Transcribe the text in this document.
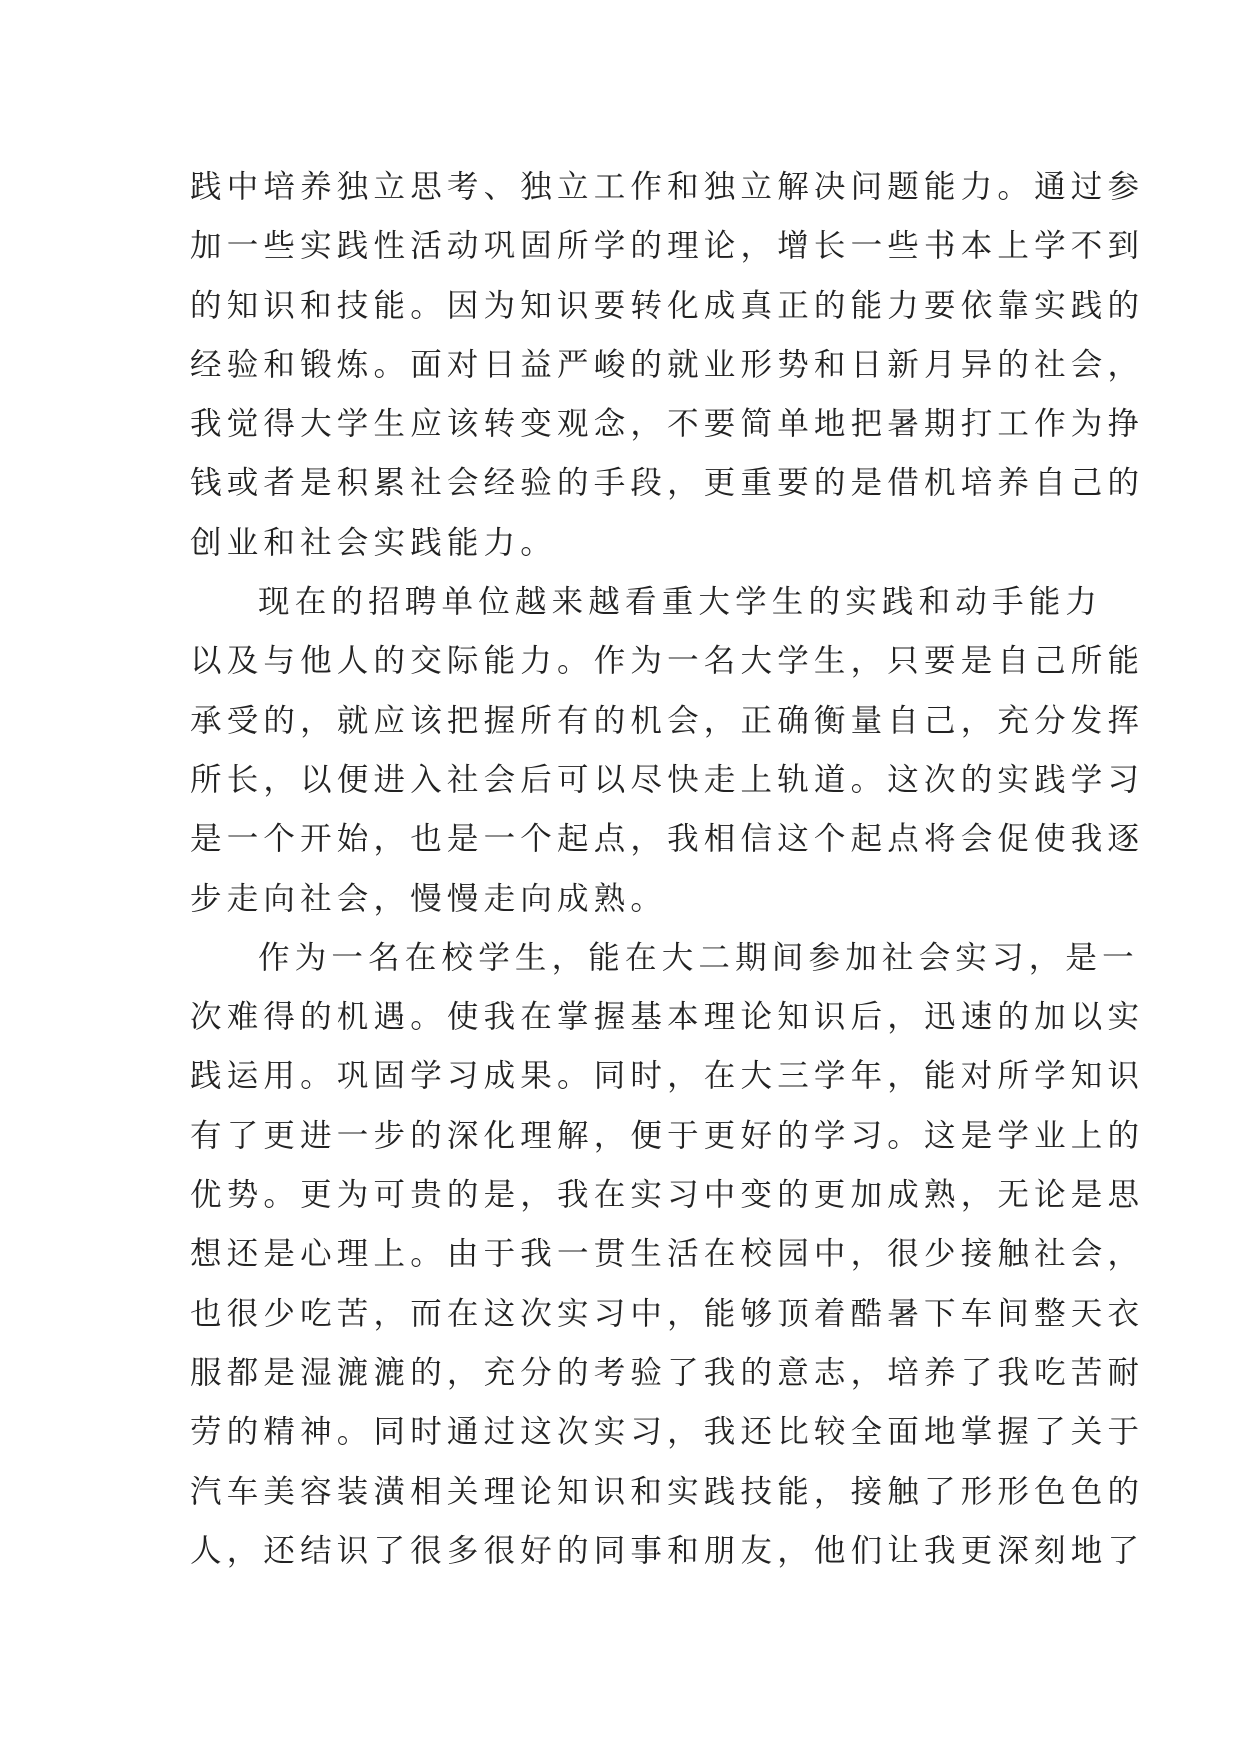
践中培养独立思考、独立工作和独立解决问题能力。通过参
加一些实践性活动巩固所学的理论，增长一些书本上学不到
的知识和技能。因为知识要转化成真正的能力要依靠实践的
经验和锻炼。面对日益严峻的就业形势和日新月异的社会，
我觉得大学生应该转变观念，不要简单地把暑期打工作为挣
钱或者是积累社会经验的手段，更重要的是借机培养自己的
创业和社会实践能力。
现在的招聘单位越来越看重大学生的实践和动手能力
以及与他人的交际能力。作为一名大学生，只要是自己所能
承受的，就应该把握所有的机会，正确衡量自己，充分发挥
所长，以便进入社会后可以尽快走上轨道。这次的实践学习
是一个开始，也是一个起点，我相信这个起点将会促使我逐
步走向社会，慢慢走向成熟。
作为一名在校学生，能在大二期间参加社会实习，是一
次难得的机遇。使我在掌握基本理论知识后，迅速的加以实
践运用。巩固学习成果。同时，在大三学年，能对所学知识
有了更进一步的深化理解，便于更好的学习。这是学业上的
优势。更为可贵的是，我在实习中变的更加成熟，无论是思
想还是心理上。由于我一贯生活在校园中，很少接触社会，
也很少吃苦，而在这次实习中，能够顶着酷暑下车间整天衣
服都是湿漉漉的，充分的考验了我的意志，培养了我吃苦耐
劳的精神。同时通过这次实习，我还比较全面地掌握了关于
汽车美容装潢相关理论知识和实践技能，接触了形形色色的
人，还结识了很多很好的同事和朋友，他们让我更深刻地了
